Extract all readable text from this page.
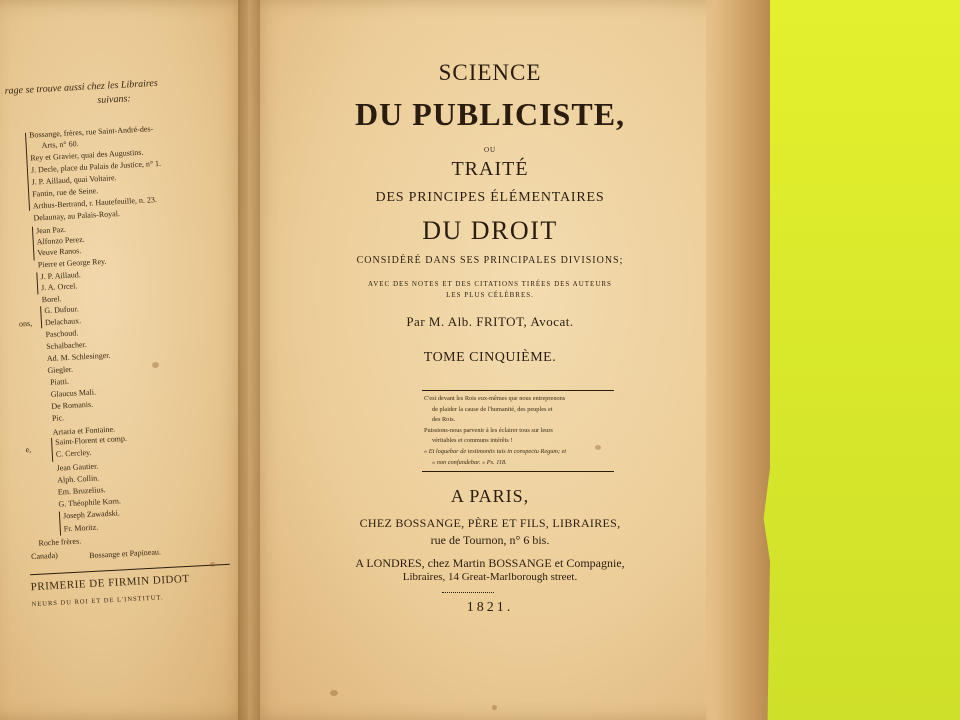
rage se trouve aussi chez les Libraires
suivans:
Bossange, frères, rue Saint-André-des-
Arts, n° 60.
Rey et Gravier, quai des Augustins.
J. Decle, place du Palais de Justice, n° 1.
J. P. Aillaud, quai Voltaire.
Fantin, rue de Seine.
Arthus-Bertrand, r. Hautefeuille, n. 23.
Delaunay, au Palais-Royal.
Jean Paz.
Alfonzo Perez.
Veuve Ranos.
Pierre et George Rey.
J. P. Aillaud.
J. A. Orcel.
Borel.
ons,
G. Dufour.
Delachaux.
Paschoud.
Schalbacher.
Ad. M. Schlesinger.
Giegler.
Piatti.
Glaucus Mali.
De Romanis.
Pic.
Artaria et Fontaine.
e,
Saint-Florent et comp.
C. Cercley.
Jean Gautier.
Alph. Collin.
Em. Bruzelius.
G. Théophile Korn.
Joseph Zawadski.
Fr. Moritz.
Roche frères.
Canada)	Bossange et Papineau.
PRIMERIE DE FIRMIN DIDOT
NEURS DU ROI ET DE L'INSTITUT.
SCIENCE
DU PUBLICISTE,
OU
TRAITÉ
DES PRINCIPES ÉLÉMENTAIRES
DU DROIT
CONSIDÉRÉ DANS SES PRINCIPALES DIVISIONS;
AVEC DES NOTES ET DES CITATIONS TIRÉES DES AUTEURS
LES PLUS CÉLÈBRES.
Par M. Alb. FRITOT, Avocat.
TOME CINQUIÈME.
C'est devant les Rois eux-mêmes que nous entreprenons
de plaider la cause de l'humanité, des peuples et
des Rois.
Puissions-nous parvenir à les éclairer tous sur leurs
véritables et communs intérêts !
« Et loquebar de testimoniis tuis in conspectu Regum; et
« non confundebar. » Ps. 118.
A PARIS,
CHEZ BOSSANGE, PÈRE ET FILS, LIBRAIRES,
rue de Tournon, n° 6 bis.
A LONDRES, chez Martin BOSSANGE et Compagnie,
Libraires, 14 Great-Marlborough street.
1821.
